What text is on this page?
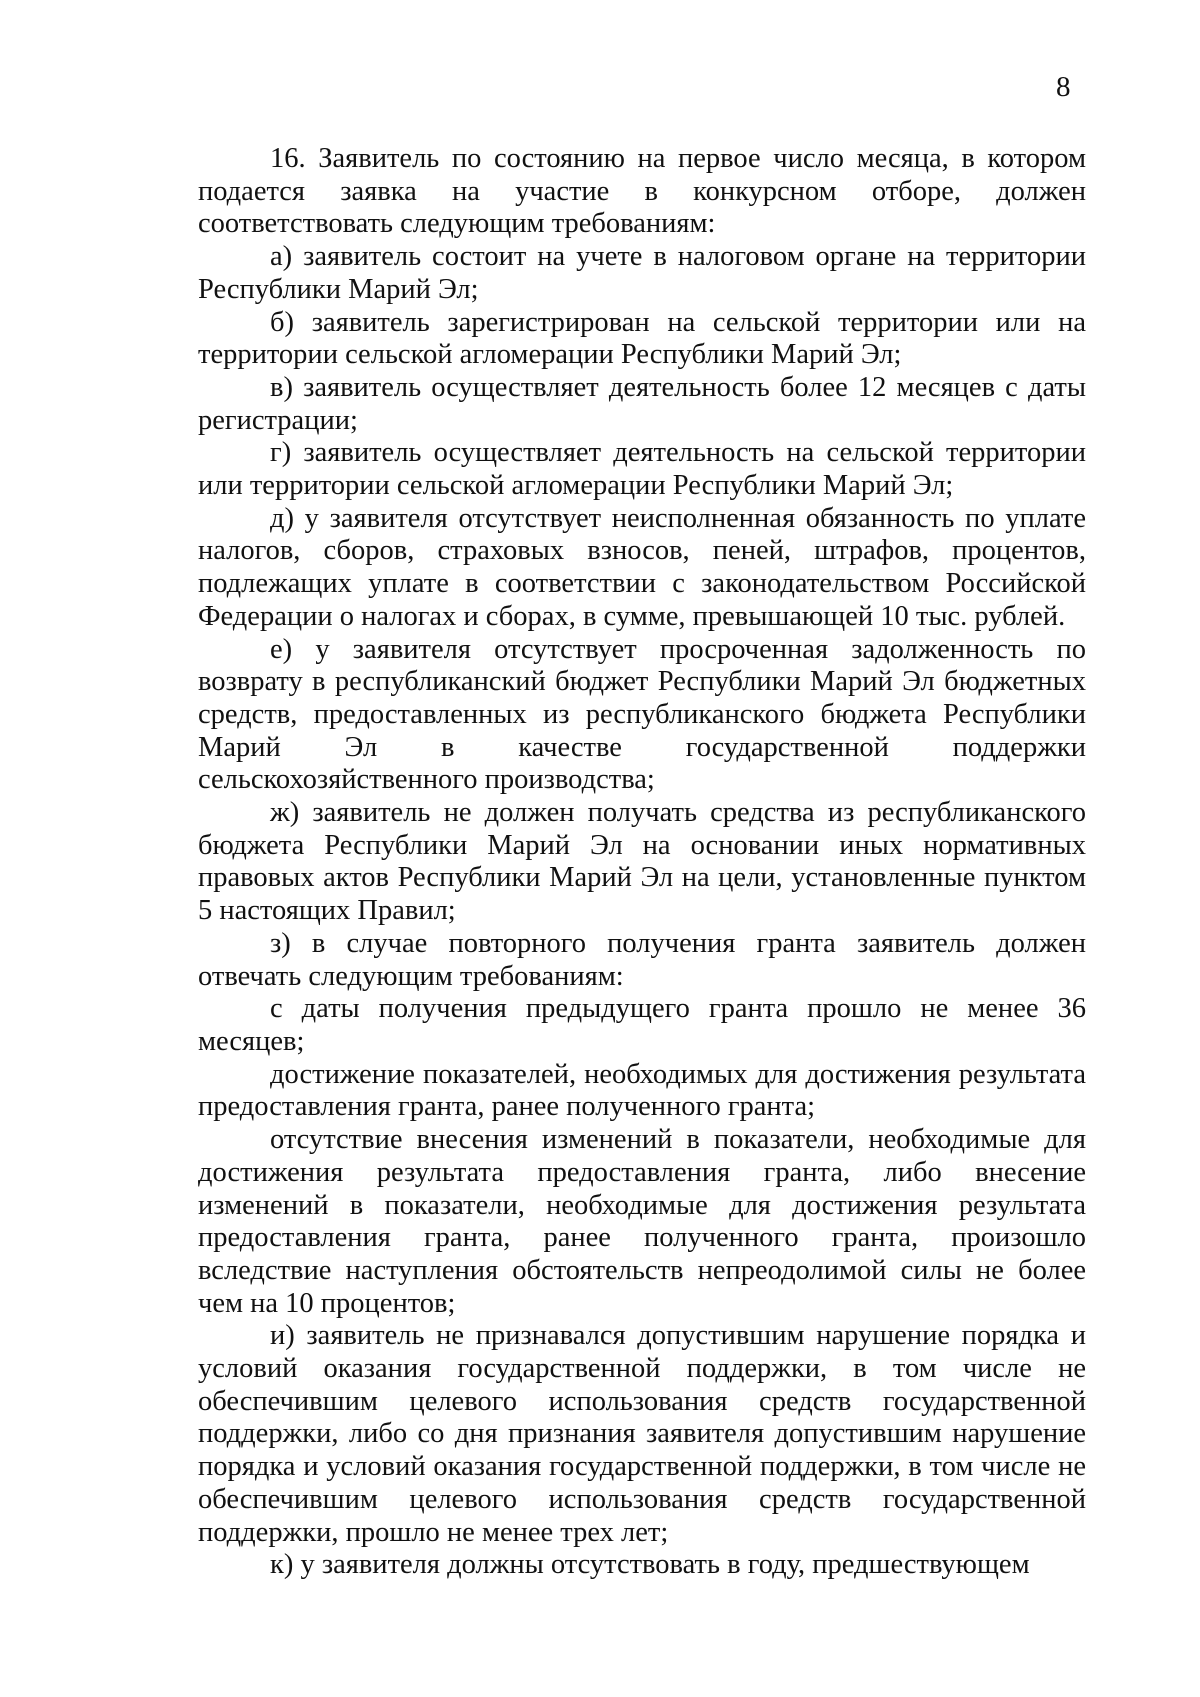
8

16. Заявитель по состоянию на первое число месяца, в котором подается заявка на участие в конкурсном отборе, должен соответствовать следующим требованиям:

а) заявитель состоит на учете в налоговом органе на территории Республики Марий Эл;

б) заявитель зарегистрирован на сельской территории или на территории сельской агломерации Республики Марий Эл;

в) заявитель осуществляет деятельность более 12 месяцев с даты регистрации;

г) заявитель осуществляет деятельность на сельской территории или территории сельской агломерации Республики Марий Эл;

д) у заявителя отсутствует неисполненная обязанность по уплате налогов, сборов, страховых взносов, пеней, штрафов, процентов, подлежащих уплате в соответствии с законодательством Российской Федерации о налогах и сборах, в сумме, превышающей 10 тыс. рублей.

е) у заявителя отсутствует просроченная задолженность по возврату в республиканский бюджет Республики Марий Эл бюджетных средств, предоставленных из республиканского бюджета Республики Марий Эл в качестве государственной поддержки сельскохозяйственного производства;

ж) заявитель не должен получать средства из республиканского бюджета Республики Марий Эл на основании иных нормативных правовых актов Республики Марий Эл на цели, установленные пунктом 5 настоящих Правил;

з) в случае повторного получения гранта заявитель должен отвечать следующим требованиям:

с даты получения предыдущего гранта прошло не менее 36 месяцев;

достижение показателей, необходимых для достижения результата предоставления гранта, ранее полученного гранта;

отсутствие внесения изменений в показатели, необходимые для достижения результата предоставления гранта, либо внесение изменений в показатели, необходимые для достижения результата предоставления гранта, ранее полученного гранта, произошло вследствие наступления обстоятельств непреодолимой силы не более чем на 10 процентов;

и) заявитель не признавался допустившим нарушение порядка и условий оказания государственной поддержки, в том числе не обеспечившим целевого использования средств государственной поддержки, либо со дня признания заявителя допустившим нарушение порядка и условий оказания государственной поддержки, в том числе не обеспечившим целевого использования средств государственной поддержки, прошло не менее трех лет;

к) у заявителя должны отсутствовать в году, предшествующем
